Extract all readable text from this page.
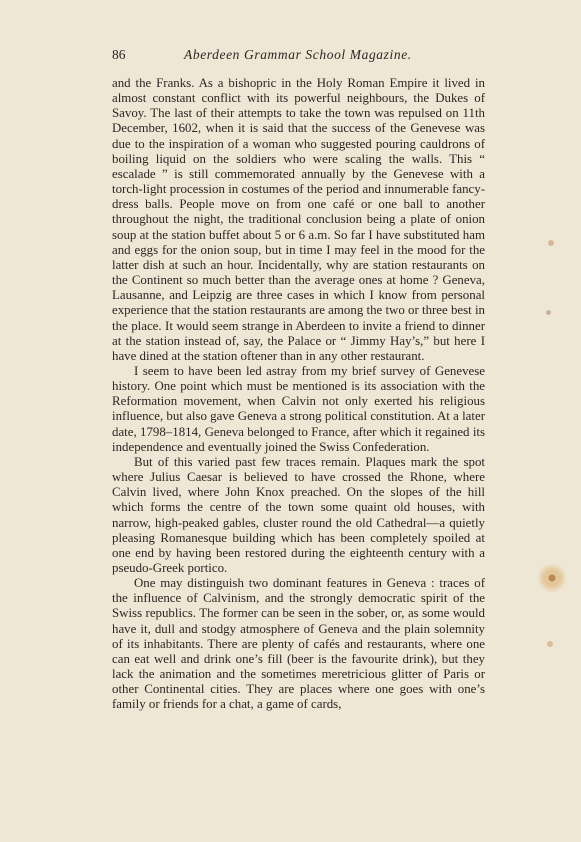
86	Aberdeen Grammar School Magazine.

and the Franks. As a bishopric in the Holy Roman Empire it lived in almost constant conflict with its powerful neighbours, the Dukes of Savoy. The last of their attempts to take the town was repulsed on 11th December, 1602, when it is said that the success of the Genevese was due to the inspiration of a woman who suggested pouring cauldrons of boiling liquid on the soldiers who were scaling the walls. This “ escalade ” is still commemorated annually by the Genevese with a torch-light procession in costumes of the period and innumerable fancy-dress balls. People move on from one café or one ball to another throughout the night, the traditional conclusion being a plate of onion soup at the station buffet about 5 or 6 a.m. So far I have substituted ham and eggs for the onion soup, but in time I may feel in the mood for the latter dish at such an hour. Incidentally, why are station restaurants on the Continent so much better than the average ones at home ? Geneva, Lausanne, and Leipzig are three cases in which I know from personal experience that the station restaurants are among the two or three best in the place. It would seem strange in Aberdeen to invite a friend to dinner at the station instead of, say, the Palace or “ Jimmy Hay’s,” but here I have dined at the station oftener than in any other restaurant.

I seem to have been led astray from my brief survey of Genevese history. One point which must be mentioned is its association with the Reformation movement, when Calvin not only exerted his religious influence, but also gave Geneva a strong political constitution. At a later date, 1798–1814, Geneva belonged to France, after which it regained its independence and eventually joined the Swiss Confederation.

But of this varied past few traces remain. Plaques mark the spot where Julius Caesar is believed to have crossed the Rhone, where Calvin lived, where John Knox preached. On the slopes of the hill which forms the centre of the town some quaint old houses, with narrow, high-peaked gables, cluster round the old Cathedral—a quietly pleasing Romanesque building which has been completely spoiled at one end by having been restored during the eighteenth century with a pseudo-Greek portico.

One may distinguish two dominant features in Geneva : traces of the influence of Calvinism, and the strongly democratic spirit of the Swiss republics. The former can be seen in the sober, or, as some would have it, dull and stodgy atmosphere of Geneva and the plain solemnity of its inhabitants. There are plenty of cafés and restaurants, where one can eat well and drink one’s fill (beer is the favourite drink), but they lack the animation and the sometimes meretricious glitter of Paris or other Continental cities. They are places where one goes with one’s family or friends for a chat, a game of cards,
